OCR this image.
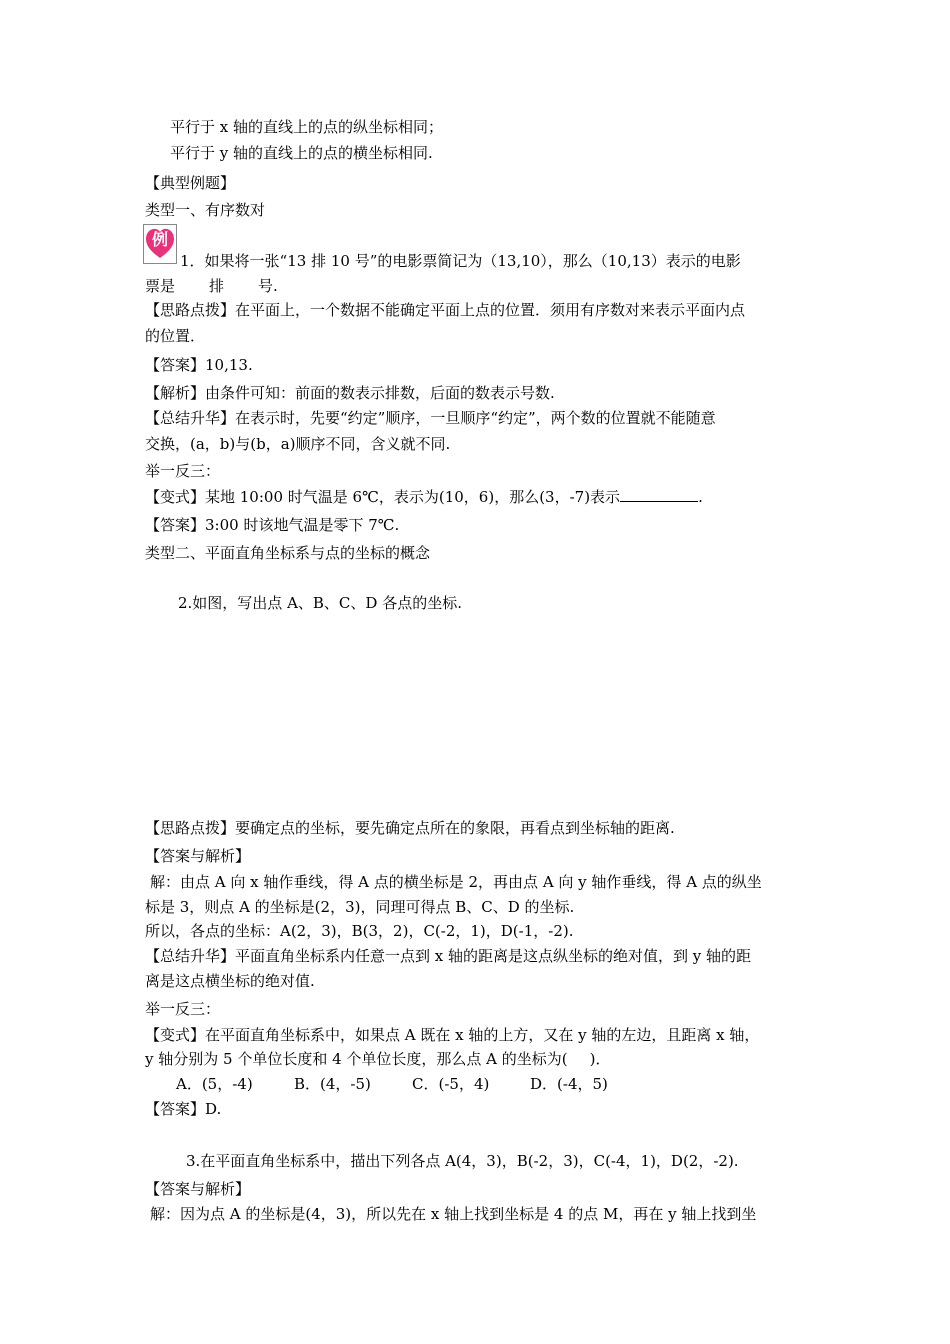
平行于 x 轴的直线上的点的纵坐标相同；
平行于 y 轴的直线上的点的横坐标相同.
【典型例题】
类型一、有序数对
例
1．如果将一张“13 排 10 号”的电影票简记为（13,10），那么（10,13）表示的电影
票是 排 号.
【思路点拨】在平面上，一个数据不能确定平面上点的位置．须用有序数对来表示平面内点
的位置．
【答案】10,13.
【解析】由条件可知：前面的数表示排数，后面的数表示号数.
【总结升华】在表示时，先要“约定”顺序，一旦顺序“约定”，两个数的位置就不能随意
交换，(a，b)与(b，a)顺序不同，含义就不同.
举一反三：
【变式】某地 10:00 时气温是 6℃，表示为(10，6)，那么(3，-7)表示	.
【答案】3:00 时该地气温是零下 7℃.
类型二、平面直角坐标系与点的坐标的概念
2.如图，写出点 A、B、C、D 各点的坐标.
【思路点拨】要确定点的坐标，要先确定点所在的象限，再看点到坐标轴的距离.
【答案与解析】
解：由点 A 向 x 轴作垂线，得 A 点的横坐标是 2，再由点 A 向 y 轴作垂线，得 A 点的纵坐
标是 3，则点 A 的坐标是(2，3)，同理可得点 B、C、D 的坐标.
所以，各点的坐标：A(2，3)，B(3，2)，C(-2，1)，D(-1，-2).
【总结升华】平面直角坐标系内任意一点到 x 轴的距离是这点纵坐标的绝对值，到 y 轴的距
离是这点横坐标的绝对值.
举一反三：
【变式】在平面直角坐标系中，如果点 A 既在 x 轴的上方，又在 y 轴的左边，且距离 x 轴，
y 轴分别为 5 个单位长度和 4 个单位长度，那么点 A 的坐标为( )．
A．(5，-4)	B．(4，-5)	C．(-5，4)	D．(-4，5)
【答案】D.
3.在平面直角坐标系中，描出下列各点 A(4，3)，B(-2，3)，C(-4，1)，D(2，-2).
【答案与解析】
解：因为点 A 的坐标是(4，3)，所以先在 x 轴上找到坐标是 4 的点 M，再在 y 轴上找到坐
